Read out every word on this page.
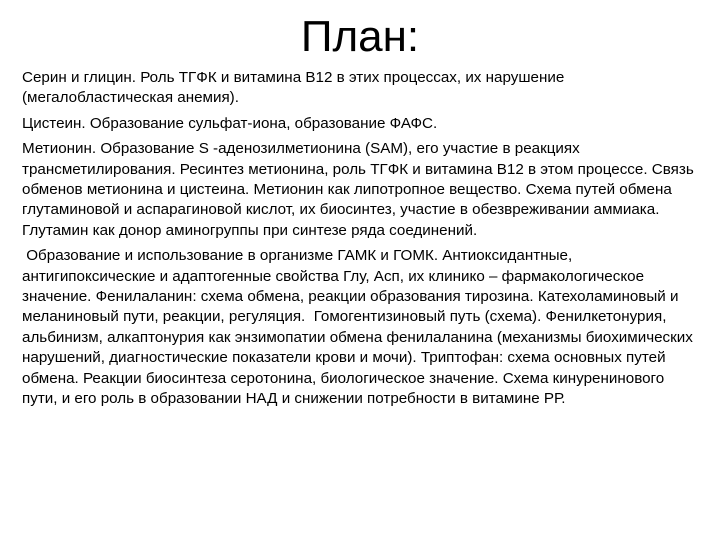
План:

Серин и глицин. Роль ТГФК и витамина В12 в этих процессах, их нарушение (мегалобластическая анемия).

Цистеин. Образование сульфат-иона, образование ФАФС.

Метионин. Образование S -аденозилметионина (SAM), его участие в реакциях трансметилирования. Ресинтез метионина, роль ТГФК и витамина В12 в этом процессе. Связь обменов метионина и цистеина. Метионин как липотропное вещество. Схема путей обмена глутаминовой и аспарагиновой кислот, их биосинтез, участие в обезвреживании аммиака. Глутамин как донор аминогруппы при синтезе ряда соединений.

Образование и использование в организме ГАМК и ГОМК. Антиоксидантные, антигипоксические и адаптогенные свойства Глу, Асп, их клинико – фармакологическое значение. Фенилаланин: схема обмена, реакции образования тирозина. Катехоламиновый и меланиновый пути, реакции, регуляция.  Гомогентизиновый путь (схема). Фенилкетонурия, альбинизм, алкаптонурия как энзимопатии обмена фенилаланина (механизмы биохимических нарушений, диагностические показатели крови и мочи). Триптофан: схема основных путей обмена. Реакции биосинтеза серотонина, биологическое значение. Схема кинуренинового пути, и его роль в образовании НАД и снижении потребности в витамине РР.
